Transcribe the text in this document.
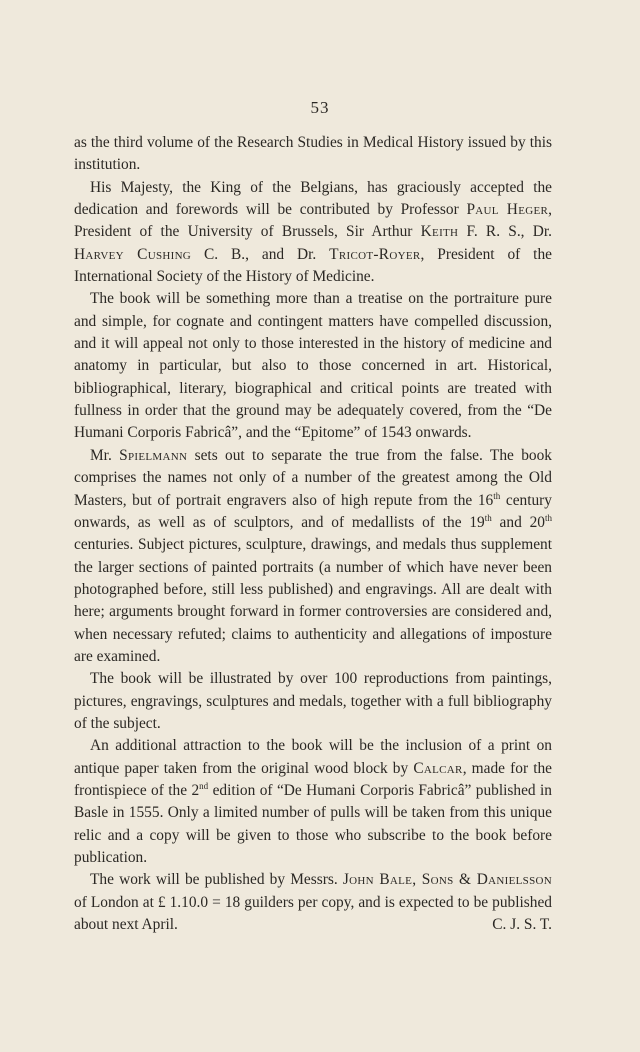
53

as the third volume of the Research Studies in Medical History issued by this institution.

His Majesty, the King of the Belgians, has graciously accepted the dedication and forewords will be contributed by Professor Paul Heger, President of the University of Brussels, Sir Arthur Keith F. R. S., Dr. Harvey Cushing C. B., and Dr. Tricot-Royer, President of the International Society of the History of Medicine.

The book will be something more than a treatise on the portraiture pure and simple, for cognate and contingent matters have compelled discussion, and it will appeal not only to those interested in the history of medicine and anatomy in particular, but also to those concerned in art. Historical, bibliographical, literary, biographical and critical points are treated with fullness in order that the ground may be adequately covered, from the “De Humani Corporis Fabricâ”, and the “Epitome” of 1543 onwards.

Mr. Spielmann sets out to separate the true from the false. The book comprises the names not only of a number of the greatest among the Old Masters, but of portrait engravers also of high repute from the 16th century onwards, as well as of sculptors, and of medallists of the 19th and 20th centuries. Subject pictures, sculpture, drawings, and medals thus supplement the larger sections of painted portraits (a number of which have never been photographed before, still less published) and engravings. All are dealt with here; arguments brought forward in former controversies are considered and, when necessary refuted; claims to authenticity and allegations of imposture are examined.

The book will be illustrated by over 100 reproductions from paintings, pictures, engravings, sculptures and medals, together with a full bibliography of the subject.

An additional attraction to the book will be the inclusion of a print on antique paper taken from the original wood block by Calcar, made for the frontispiece of the 2nd edition of “De Humani Corporis Fabricâ” published in Basle in 1555. Only a limited number of pulls will be taken from this unique relic and a copy will be given to those who subscribe to the book before publication.

The work will be published by Messrs. John Bale, Sons & Danielsson of London at £ 1.10.0 = 18 guilders per copy, and is expected to be published about next April.	C. J. S. T.
